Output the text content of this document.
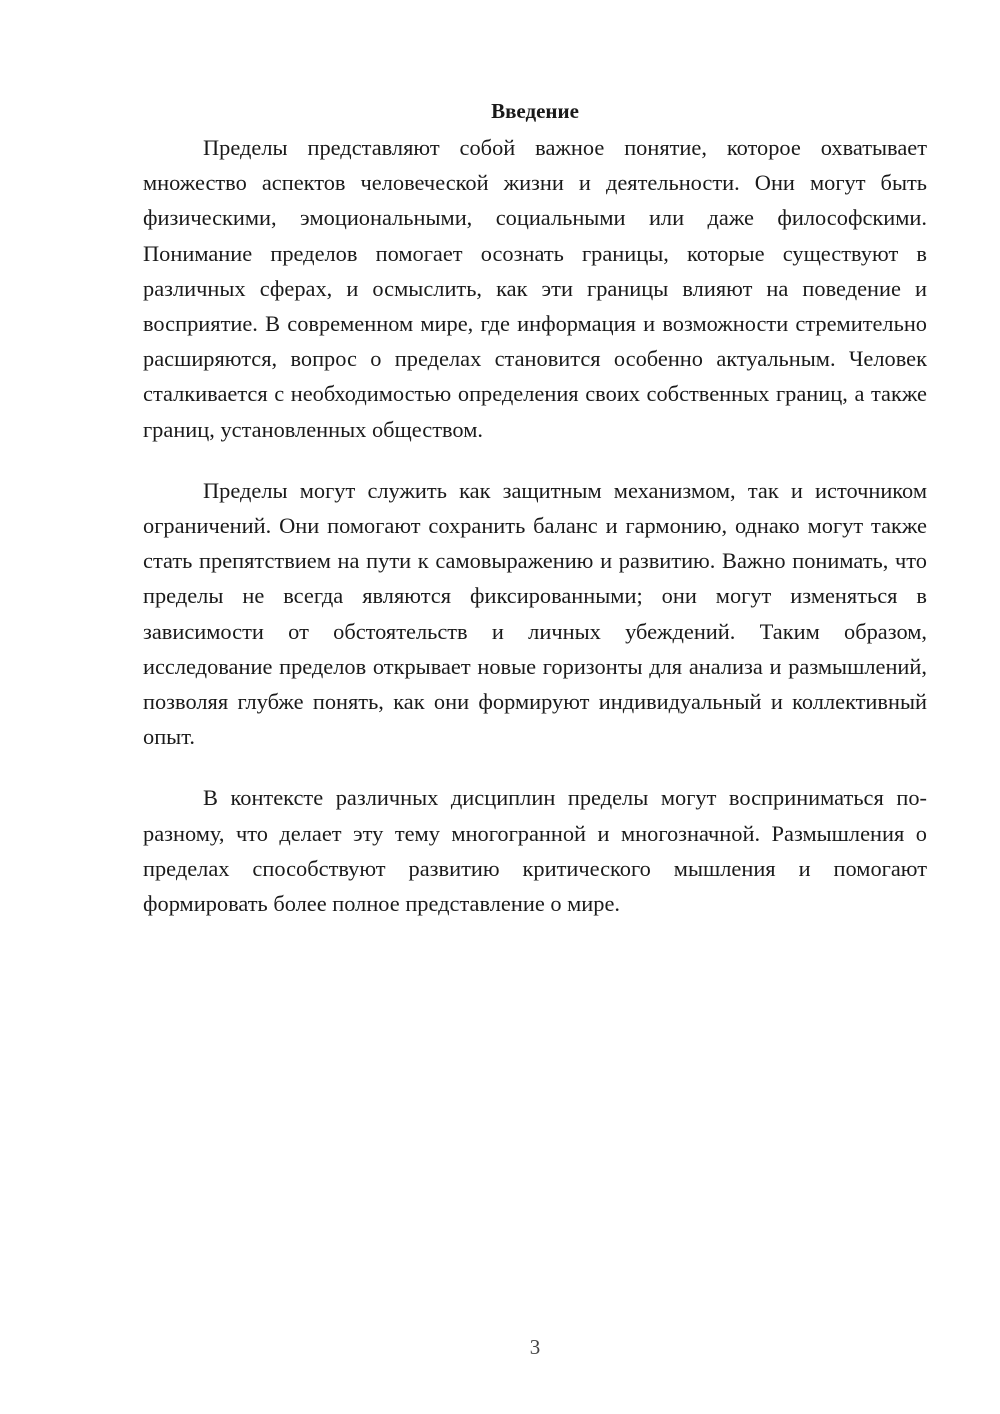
Введение

Пределы представляют собой важное понятие, которое охватывает множество аспектов человеческой жизни и деятельности. Они могут быть физическими, эмоциональными, социальными или даже философскими. Понимание пределов помогает осознать границы, которые существуют в различных сферах, и осмыслить, как эти границы влияют на поведение и восприятие. В современном мире, где информация и возможности стремительно расширяются, вопрос о пределах становится особенно актуальным. Человек сталкивается с необходимостью определения своих собственных границ, а также границ, установленных обществом.

Пределы могут служить как защитным механизмом, так и источником ограничений. Они помогают сохранить баланс и гармонию, однако могут также стать препятствием на пути к самовыражению и развитию. Важно понимать, что пределы не всегда являются фиксированными; они могут изменяться в зависимости от обстоятельств и личных убеждений. Таким образом, исследование пределов открывает новые горизонты для анализа и размышлений, позволяя глубже понять, как они формируют индивидуальный и коллективный опыт.

В контексте различных дисциплин пределы могут восприниматься по-разному, что делает эту тему многогранной и многозначной. Размышления о пределах способствуют развитию критического мышления и помогают формировать более полное представление о мире.

3
